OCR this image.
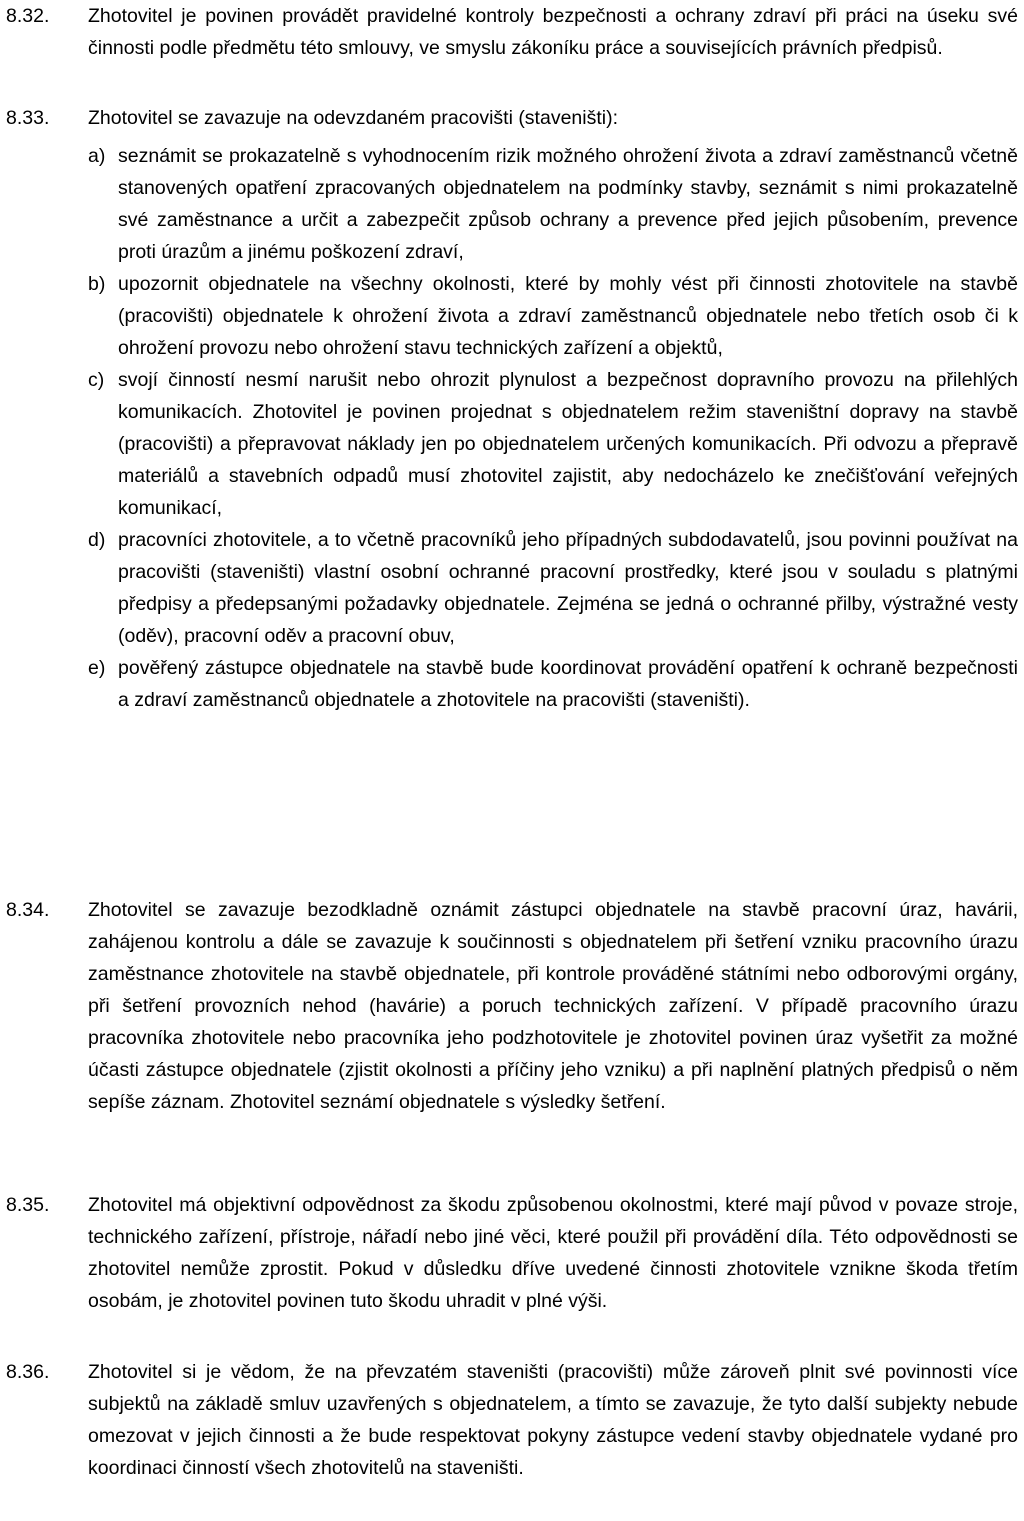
8.32. Zhotovitel je povinen provádět pravidelné kontroly bezpečnosti a ochrany zdraví při práci na úseku své činnosti podle předmětu této smlouvy, ve smyslu zákoníku práce a souvisejících právních předpisů.
8.33. Zhotovitel se zavazuje na odevzdaném pracovišti (staveništi):
a) seznámit se prokazatelně s vyhodnocením rizik možného ohrožení života a zdraví zaměstnanců včetně stanovených opatření zpracovaných objednatelem na podmínky stavby, seznámit s nimi prokazatelně své zaměstnance a určit a zabezpečit způsob ochrany a prevence před jejich působením, prevence proti úrazům a jinému poškození zdraví,
b) upozornit objednatele na všechny okolnosti, které by mohly vést při činnosti zhotovitele na stavbě (pracovišti) objednatele k ohrožení života a zdraví zaměstnanců objednatele nebo třetích osob či k ohrožení provozu nebo ohrožení stavu technických zařízení a objektů,
c) svojí činností nesmí narušit nebo ohrozit plynulost a bezpečnost dopravního provozu na přilehlých komunikacích. Zhotovitel je povinen projednat s objednatelem režim staveništní dopravy na stavbě (pracovišti) a přepravovat náklady jen po objednatelem určených komunikacích. Při odvozu a přepravě materiálů a stavebních odpadů musí zhotovitel zajistit, aby nedocházelo ke znečišťování veřejných komunikací,
d) pracovníci zhotovitele, a to včetně pracovníků jeho případných subdodavatelů, jsou povinni používat na pracovišti (staveništi) vlastní osobní ochranné pracovní prostředky, které jsou v souladu s platnými předpisy a předepsanými požadavky objednatele. Zejména se jedná o ochranné přilby, výstražné vesty (oděv), pracovní oděv a pracovní obuv,
e) pověřený zástupce objednatele na stavbě bude koordinovat provádění opatření k ochraně bezpečnosti a zdraví zaměstnanců objednatele a zhotovitele na pracovišti (staveništi).
8.34. Zhotovitel se zavazuje bezodkladně oznámit zástupci objednatele na stavbě pracovní úraz, havárii, zahájenou kontrolu a dále se zavazuje k součinnosti s objednatelem při šetření vzniku pracovního úrazu zaměstnance zhotovitele na stavbě objednatele, při kontrole prováděné státními nebo odborovými orgány, při šetření provozních nehod (havárie) a poruch technických zařízení. V případě pracovního úrazu pracovníka zhotovitele nebo pracovníka jeho podzhotovitele je zhotovitel povinen úraz vyšetřit za možné účasti zástupce objednatele (zjistit okolnosti a příčiny jeho vzniku) a při naplnění platných předpisů o něm sepíše záznam. Zhotovitel seznámí objednatele s výsledky šetření.
8.35. Zhotovitel má objektivní odpovědnost za škodu způsobenou okolnostmi, které mají původ v povaze stroje, technického zařízení, přístroje, nářadí nebo jiné věci, které použil při provádění díla. Této odpovědnosti se zhotovitel nemůže zprostit. Pokud v důsledku dříve uvedené činnosti zhotovitele vznikne škoda třetím osobám, je zhotovitel povinen tuto škodu uhradit v plné výši.
8.36. Zhotovitel si je vědom, že na převzatém staveništi (pracovišti) může zároveň plnit své povinnosti více subjektů na základě smluv uzavřených s objednatelem, a tímto se zavazuje, že tyto další subjekty nebude omezovat v jejich činnosti a že bude respektovat pokyny zástupce vedení stavby objednatele vydané pro koordinaci činností všech zhotovitelů na staveništi.
